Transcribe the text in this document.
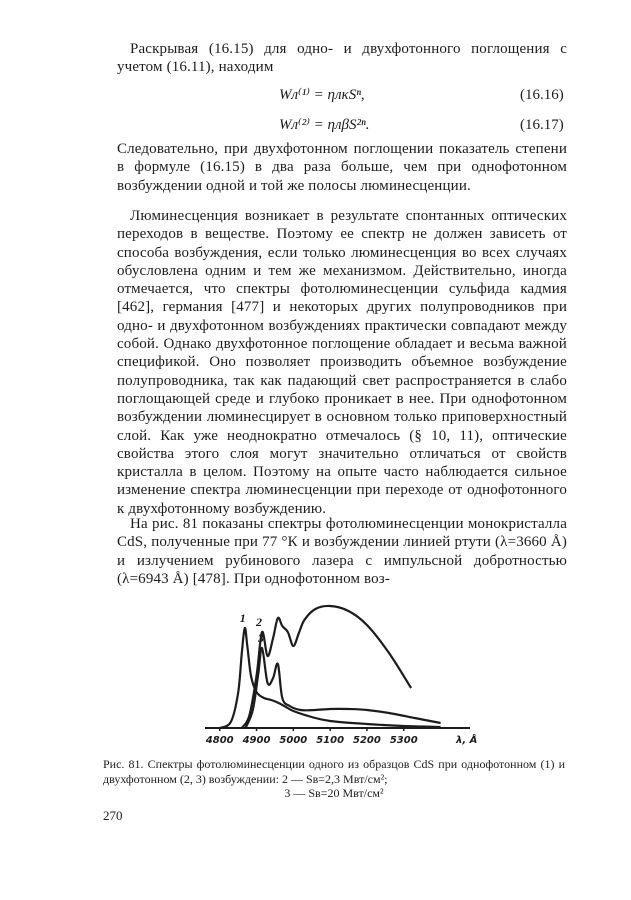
Раскрывая (16.15) для одно- и двухфотонного поглощения с учетом (16.11), находим

Wл⁽¹⁾ = ηлκSⁿ,	(16.16)
Wл⁽²⁾ = ηлβS²ⁿ.	(16.17)

Следовательно, при двухфотонном поглощении показатель степени в формуле (16.15) в два раза больше, чем при однофотонном возбуждении одной и той же полосы люминесценции.

Люминесценция возникает в результате спонтанных оптических переходов в веществе. Поэтому ее спектр не должен зависеть от способа возбуждения, если только люминесценция во всех случаях обусловлена одним и тем же механизмом. Действительно, иногда отмечается, что спектры фотолюминесценции сульфида кадмия [462], германия [477] и некоторых других полупроводников при одно- и двухфотонном возбуждениях практически совпадают между собой. Однако двухфотонное поглощение обладает и весьма важной спецификой. Оно позволяет производить объемное возбуждение полупроводника, так как падающий свет распространяется в слабо поглощающей среде и глубоко проникает в нее. При однофотонном возбуждении люминесцирует в основном только приповерхностный слой. Как уже неоднократно отмечалось (§ 10, 11), оптические свойства этого слоя могут значительно отличаться от свойств кристалла в целом. Поэтому на опыте часто наблюдается сильное изменение спектра люминесценции при переходе от однофотонного к двухфотонному возбуждению.

На рис. 81 показаны спектры фотолюминесценции монокристалла CdS, полученные при 77 °К и возбуждении линией ртути (λ=3660 Å) и излучением рубинового лазера с импульсной добротностью (λ=6943 Å) [478]. При однофотонном воз-

4800 4900 5000 5100 5200 5300	λ, Å
1 2
3
Рис. 81. Спектры фотолюминесценции одного из образцов CdS при однофотонном (1) и двухфотонном (2, 3) возбуждении: 2 — Sв=2,3 Мвт/см²;
3 — Sв=20 Мвт/см²
270
